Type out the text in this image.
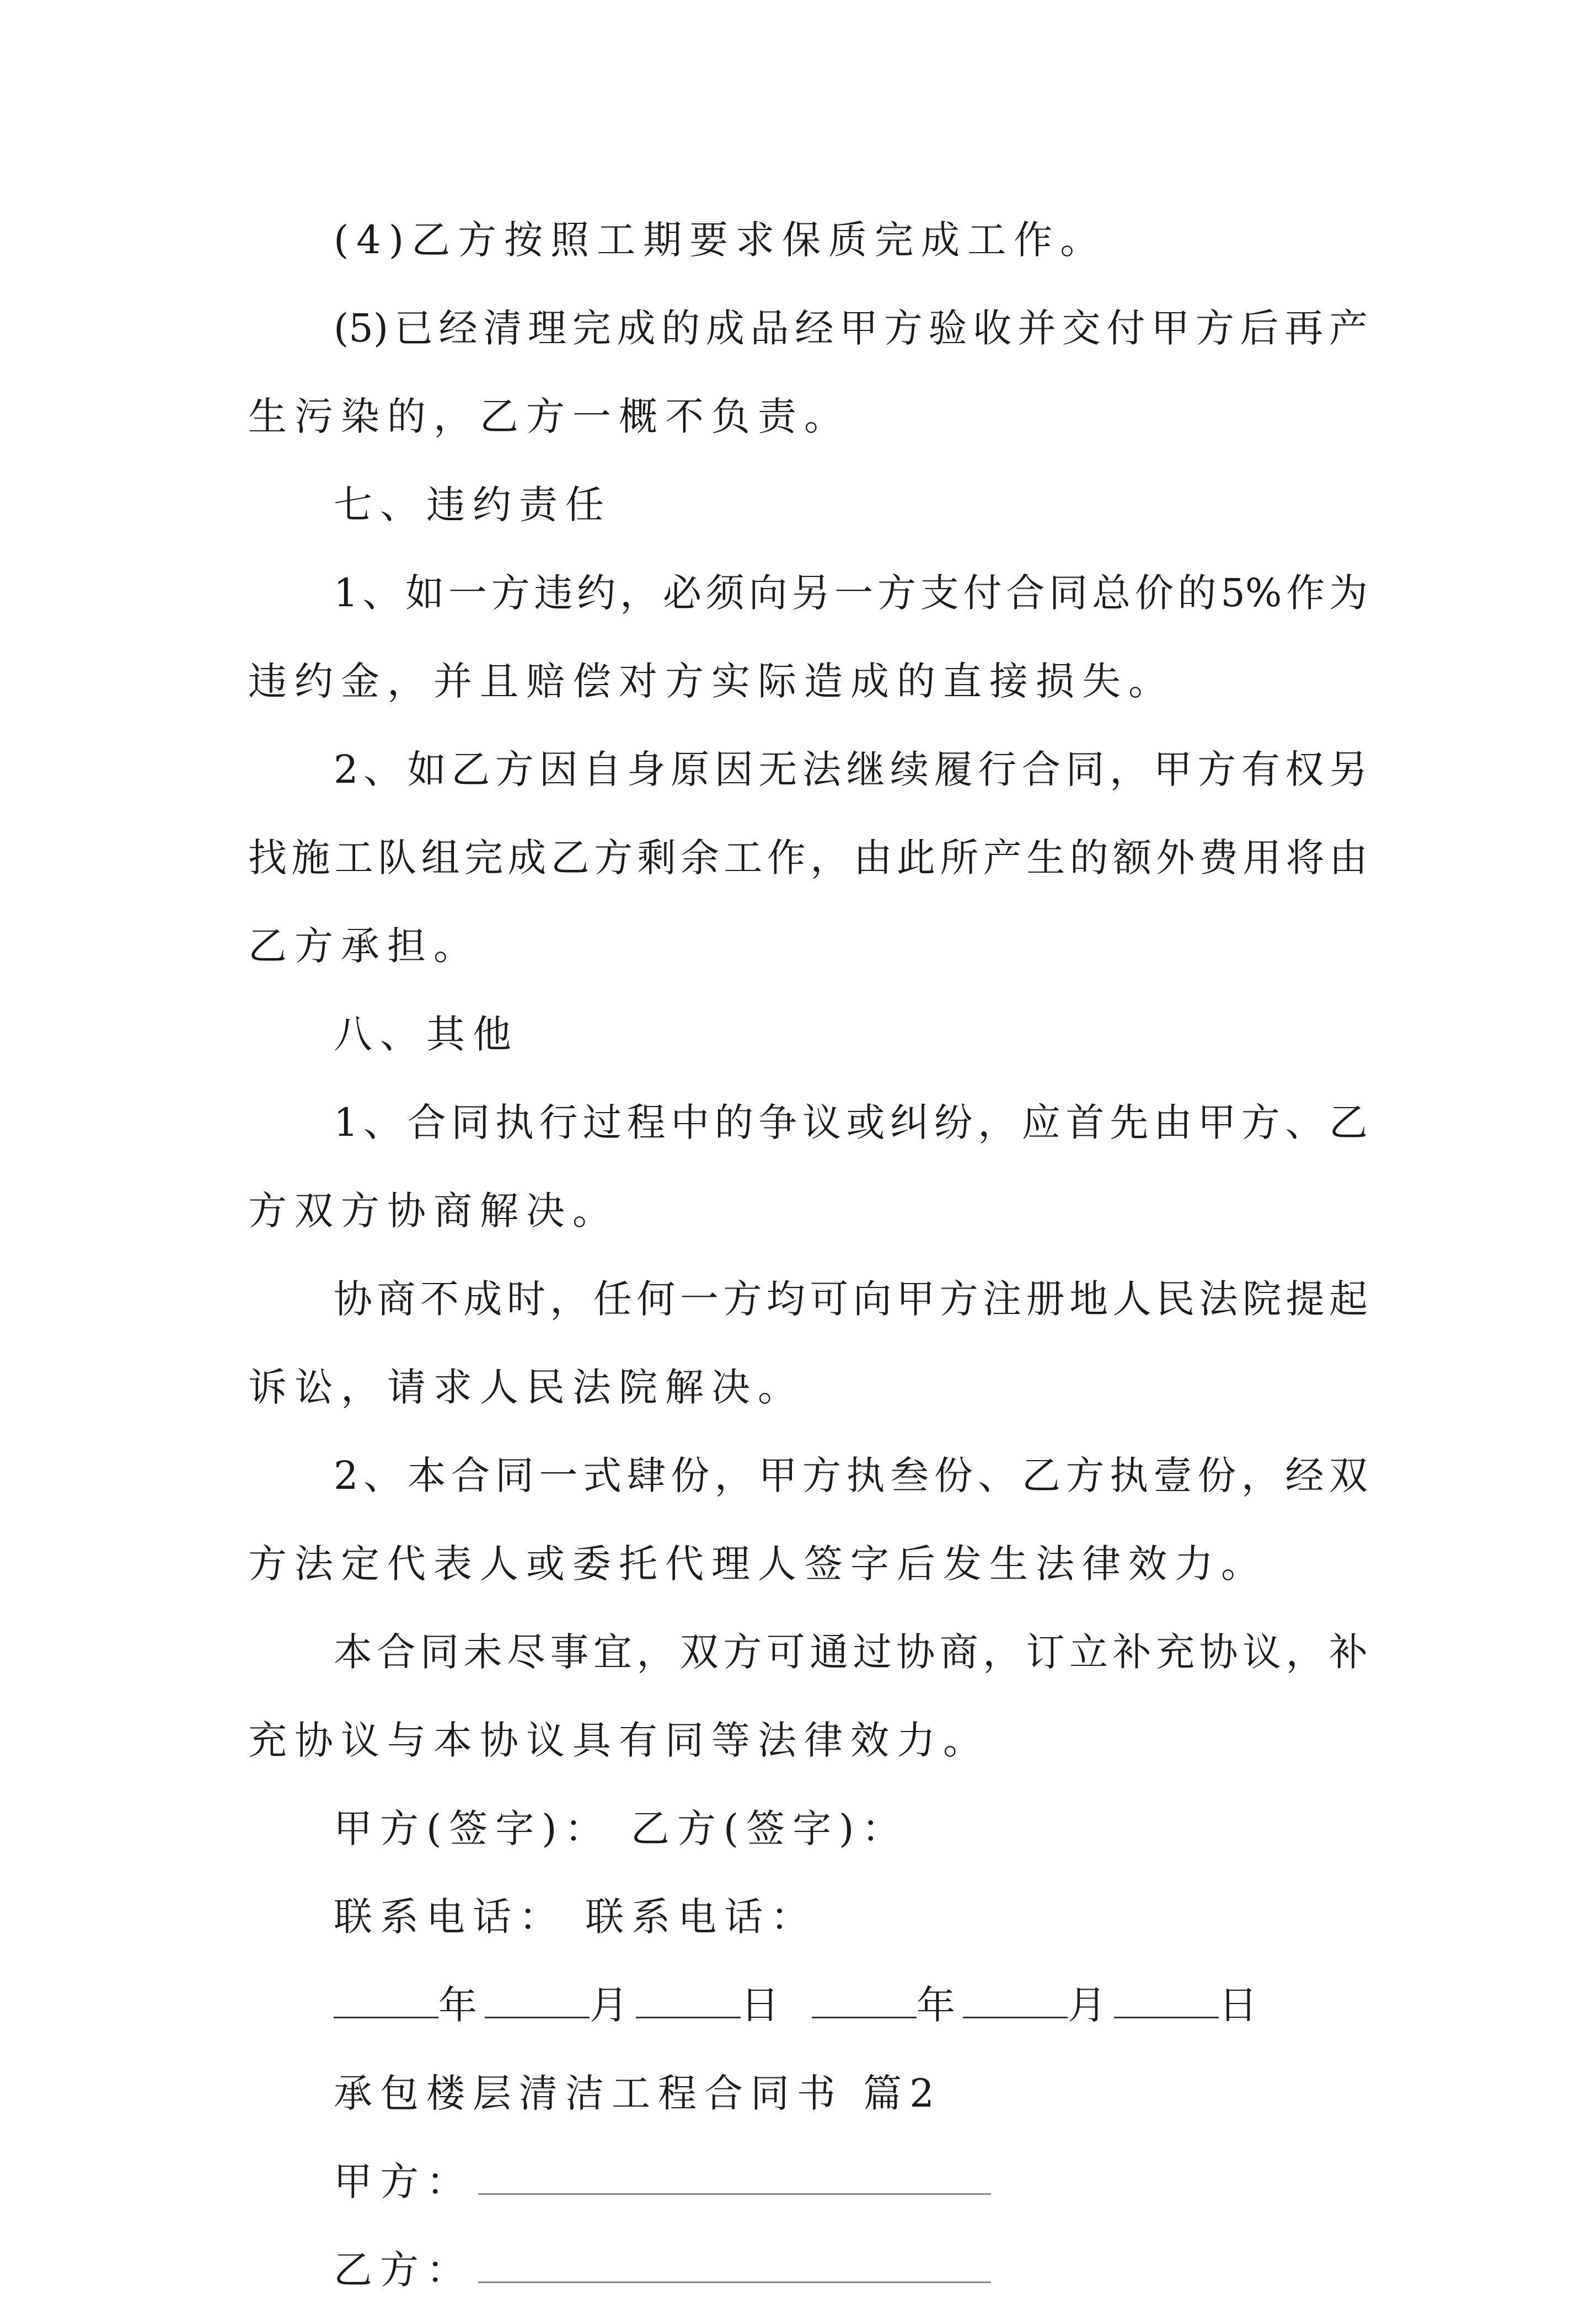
(4)乙方按照工期要求保质完成工作。

(5)已经清理完成的成品经甲方验收并交付甲方后再产

生污染的，乙方一概不负责。

七、违约责任

1、如一方违约，必须向另一方支付合同总价的5%作为

违约金，并且赔偿对方实际造成的直接损失。

2、如乙方因自身原因无法继续履行合同，甲方有权另

找施工队组完成乙方剩余工作，由此所产生的额外费用将由

乙方承担。

八、其他

1、合同执行过程中的争议或纠纷，应首先由甲方、乙

方双方协商解决。

协商不成时，任何一方均可向甲方注册地人民法院提起

诉讼，请求人民法院解决。

2、本合同一式肆份，甲方执叁份、乙方执壹份，经双

方法定代表人或委托代理人签字后发生法律效力。

本合同未尽事宜，双方可通过协商，订立补充协议，补

充协议与本协议具有同等法律效力。

甲方(签字)： 乙方(签字)：

联系电话： 联系电话：

年	月	日	年	月	日

承包楼层清洁工程合同书 篇2

甲方：

乙方：
